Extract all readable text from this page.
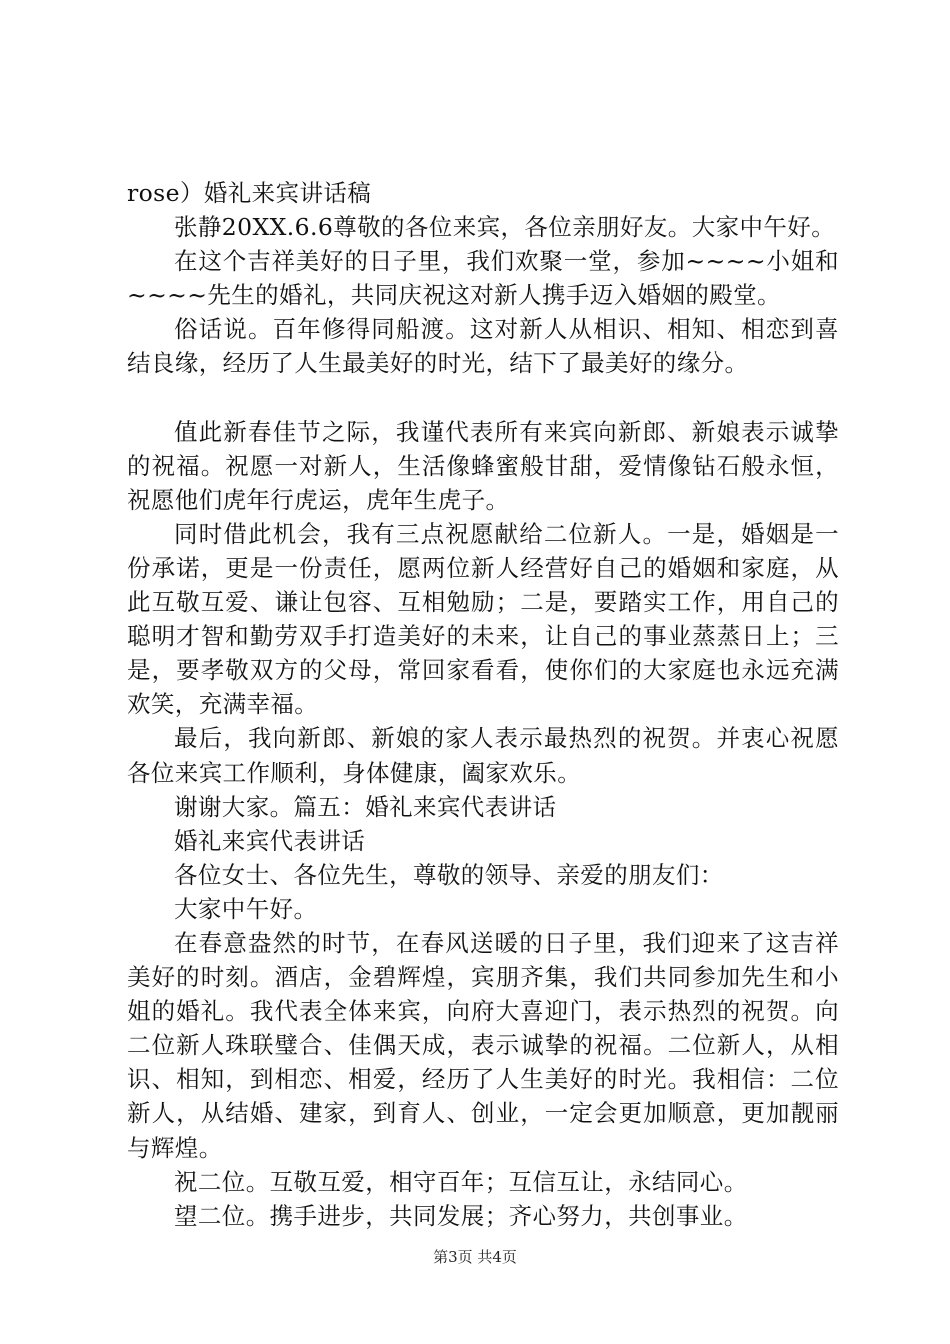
rose）婚礼来宾讲话稿

张静20XX.6.6尊敬的各位来宾，各位亲朋好友。大家中午好。

在这个吉祥美好的日子里，我们欢聚一堂，参加~~~~小姐和~~~~先生的婚礼，共同庆祝这对新人携手迈入婚姻的殿堂。

俗话说。百年修得同船渡。这对新人从相识、相知、相恋到喜结良缘，经历了人生最美好的时光，结下了最美好的缘分。

值此新春佳节之际，我谨代表所有来宾向新郎、新娘表示诚挚的祝福。祝愿一对新人，生活像蜂蜜般甘甜，爱情像钻石般永恒，祝愿他们虎年行虎运，虎年生虎子。

同时借此机会，我有三点祝愿献给二位新人。一是，婚姻是一份承诺，更是一份责任，愿两位新人经营好自己的婚姻和家庭，从此互敬互爱、谦让包容、互相勉励；二是，要踏实工作，用自己的聪明才智和勤劳双手打造美好的未来，让自己的事业蒸蒸日上；三是，要孝敬双方的父母，常回家看看，使你们的大家庭也永远充满欢笑，充满幸福。

最后，我向新郎、新娘的家人表示最热烈的祝贺。并衷心祝愿各位来宾工作顺利，身体健康，阖家欢乐。

谢谢大家。篇五：婚礼来宾代表讲话

婚礼来宾代表讲话

各位女士、各位先生，尊敬的领导、亲爱的朋友们：

大家中午好。

在春意盎然的时节，在春风送暖的日子里，我们迎来了这吉祥美好的时刻。酒店，金碧辉煌，宾朋齐集，我们共同参加先生和小姐的婚礼。我代表全体来宾，向府大喜迎门，表示热烈的祝贺。向二位新人珠联璧合、佳偶天成，表示诚挚的祝福。二位新人，从相识、相知，到相恋、相爱，经历了人生美好的时光。我相信：二位新人，从结婚、建家，到育人、创业，一定会更加顺意，更加靓丽与辉煌。

祝二位。互敬互爱，相守百年；互信互让，永结同心。

望二位。携手进步，共同发展；齐心努力，共创事业。

第3页 共4页
